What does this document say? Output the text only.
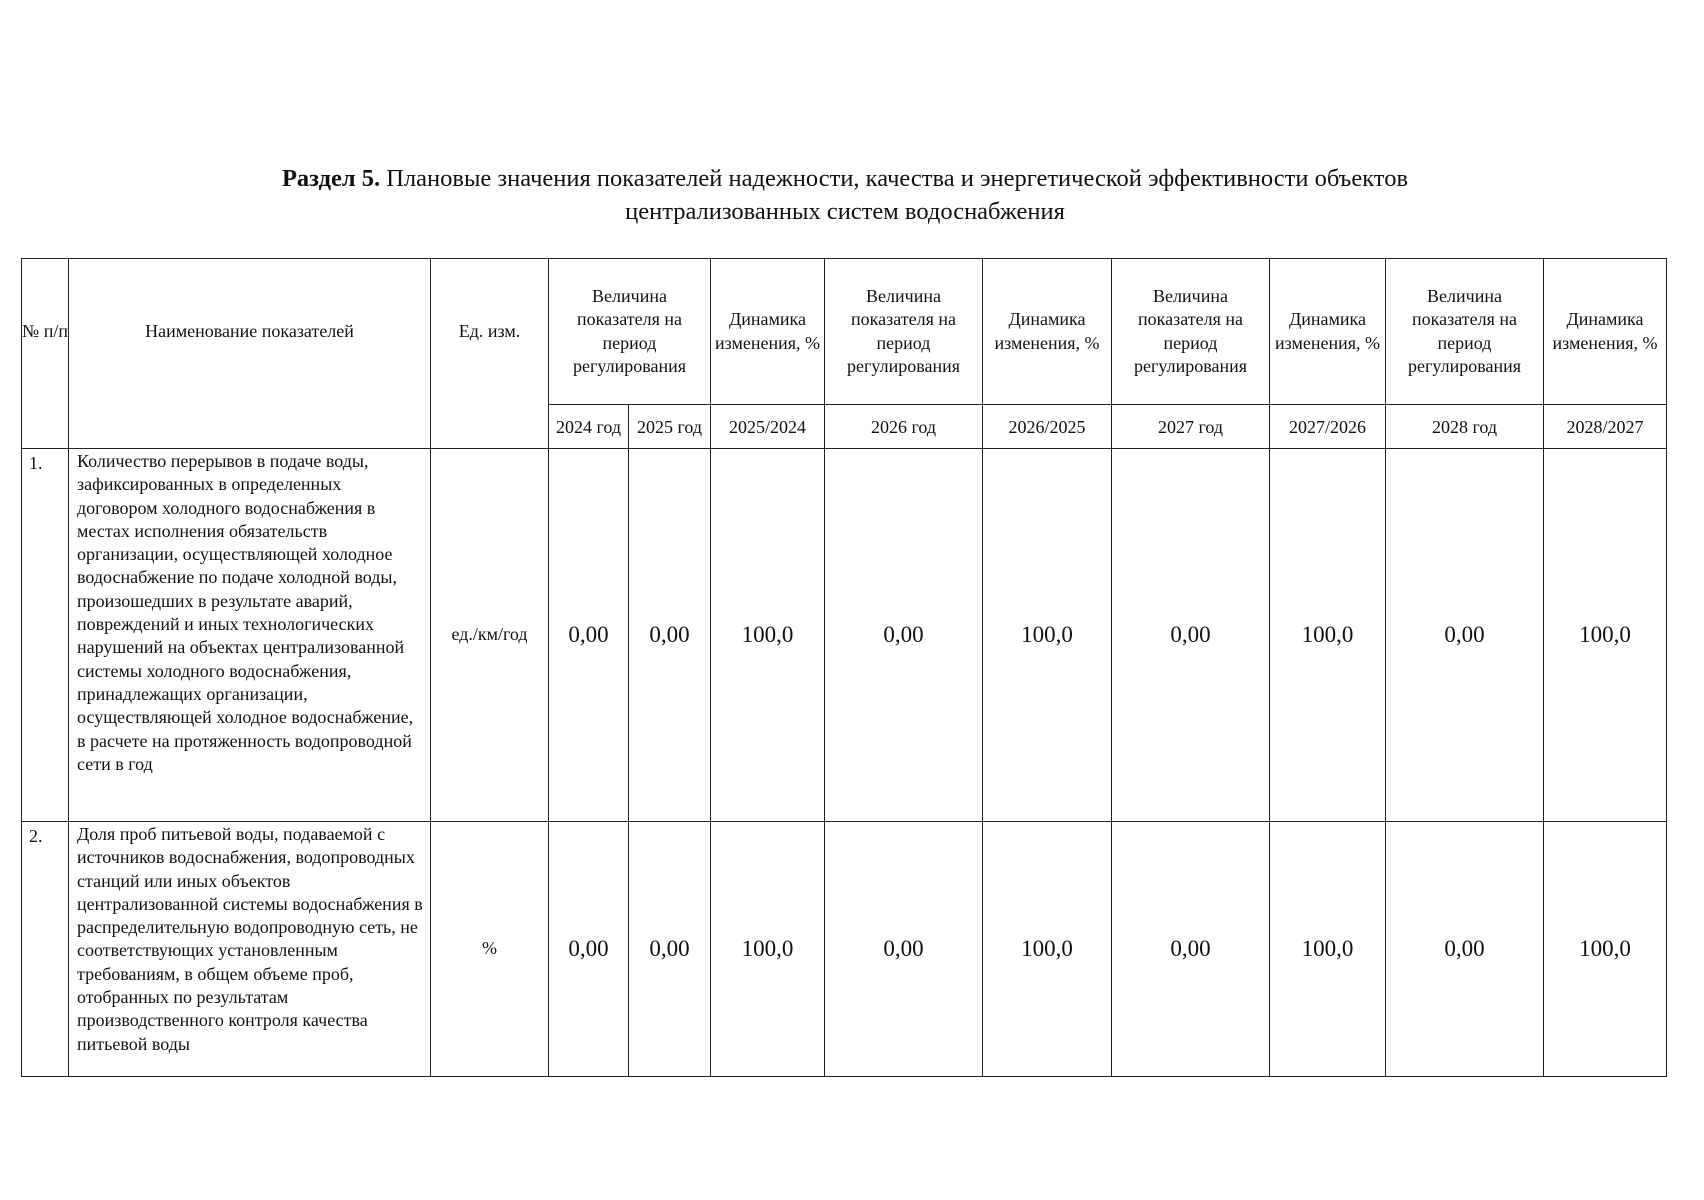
Раздел 5. Плановые значения показателей надежности, качества и энергетической эффективности объектов
централизованных систем водоснабжения
№ п/п	Наименование показателей	Ед. изм.	Величина показателя на период регулирования		Динамика изменения, %	Величина показателя на период регулирования	Динамика изменения, %	Величина показателя на период регулирования	Динамика изменения, %	Величина показателя на период регулирования	Динамика изменения, %

			2024 год	2025 год	2025/2024	2026 год	2026/2025	2027 год	2027/2026	2028 год	2028/2027
1.	Количество перерывов в подаче воды, зафиксированных в определенных договором холодного водоснабжения в местах исполнения обязательств организации, осуществляющей холодное водоснабжение по подаче холодной воды, произошедших в результате аварий, повреждений и иных технологических нарушений на объектах централизованной системы холодного водоснабжения, принадлежащих организации, осуществляющей холодное водоснабжение, в расчете на протяженность водопроводной сети в год	ед./км/год	0,00	0,00	100,0	0,00	100,0	0,00	100,0	0,00	100,0
2.	Доля проб питьевой воды, подаваемой с источников водоснабжения, водопроводных станций или иных объектов централизованной системы водоснабжения в распределительную водопроводную сеть, не соответствующих установленным требованиям, в общем объеме проб, отобранных по результатам производственного контроля качества питьевой воды	%	0,00	0,00	100,0	0,00	100,0	0,00	100,0	0,00	100,0
